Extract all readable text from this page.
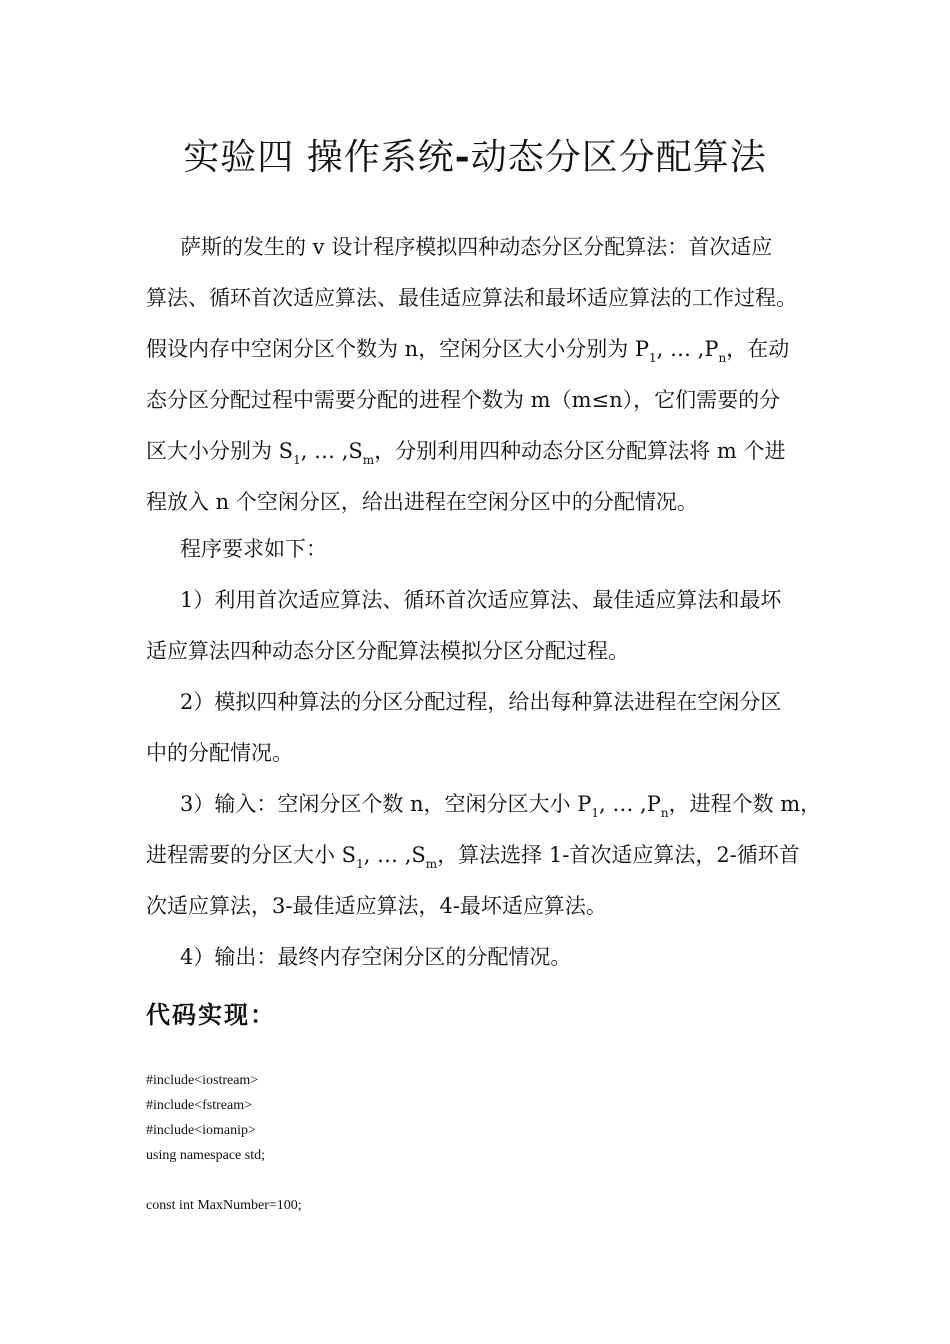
实验四 操作系统-动态分区分配算法
萨斯的发生的 v 设计程序模拟四种动态分区分配算法：首次适应
算法、循环首次适应算法、最佳适应算法和最坏适应算法的工作过程。
假设内存中空闲分区个数为 n，空闲分区大小分别为 $P_1$, … $,P_n$，在动
态分区分配过程中需要分配的进程个数为 m（m≤n），它们需要的分
区大小分别为 $S_1$, … $,S_m$，分别利用四种动态分区分配算法将 m 个进
程放入 n 个空闲分区，给出进程在空闲分区中的分配情况。
程序要求如下：
1）利用首次适应算法、循环首次适应算法、最佳适应算法和最坏
适应算法四种动态分区分配算法模拟分区分配过程。
2）模拟四种算法的分区分配过程，给出每种算法进程在空闲分区
中的分配情况。
3）输入：空闲分区个数 n，空闲分区大小 $P_1$, … $,P_n$，进程个数 m，
进程需要的分区大小 $S_1$, … $,S_m$，算法选择 1-首次适应算法，2-循环首
次适应算法，3-最佳适应算法，4-最坏适应算法。
4）输出：最终内存空闲分区的分配情况。
代码实现：
#include<iostream>
#include<fstream>
#include<iomanip>
using namespace std;
const int MaxNumber=100;
